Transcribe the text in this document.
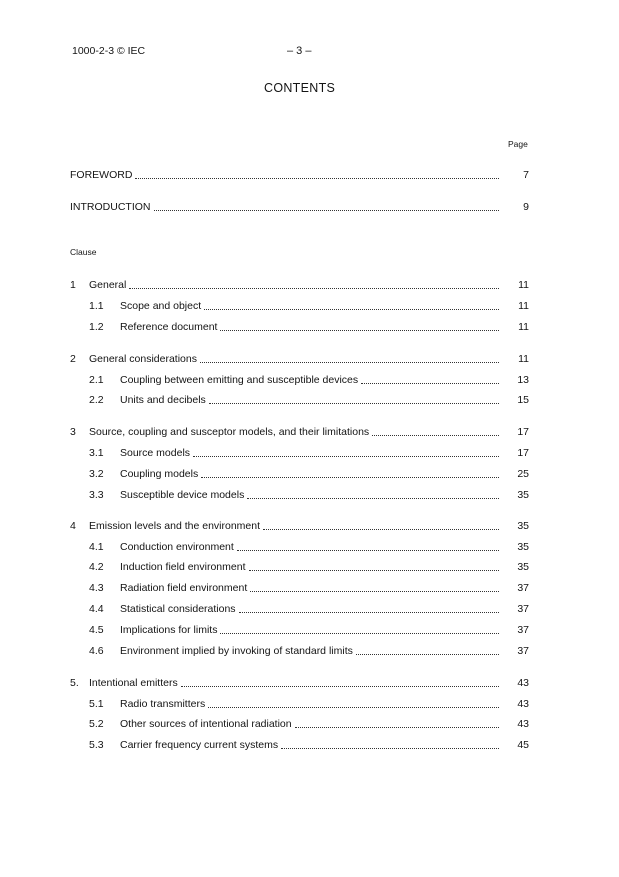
1000-2-3 © IEC	– 3 –
CONTENTS
Page
FOREWORD	7
INTRODUCTION	9
Clause
1	General	11
1.1	Scope and object	11
1.2	Reference document	11
2	General considerations	11
2.1	Coupling between emitting and susceptible devices	13
2.2	Units and decibels	15
3	Source, coupling and susceptor models, and their limitations	17
3.1	Source models	17
3.2	Coupling models	25
3.3	Susceptible device models	35
4	Emission levels and the environment	35
4.1	Conduction environment	35
4.2	Induction field environment	35
4.3	Radiation field environment	37
4.4	Statistical considerations	37
4.5	Implications for limits	37
4.6	Environment implied by invoking of standard limits	37
5. Intentional emitters	43
5.1	Radio transmitters	43
5.2	Other sources of intentional radiation	43
5.3	Carrier frequency current systems	45
